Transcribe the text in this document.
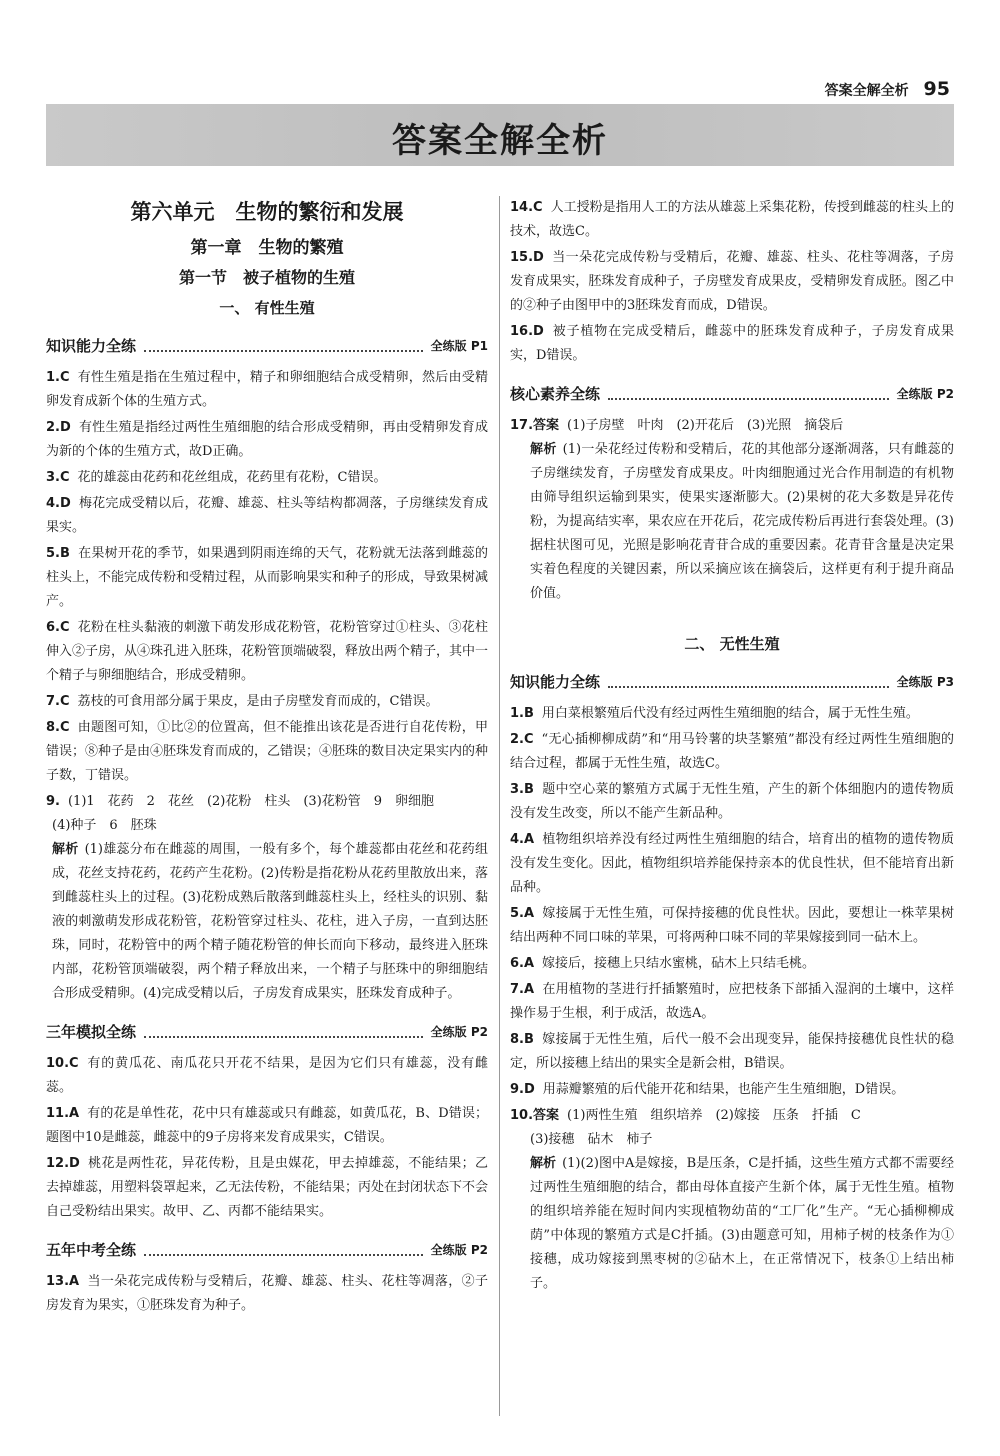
答案全解全析 95
答案全解全析
第六单元　生物的繁衍和发展
第一章　生物的繁殖
第一节　被子植物的生殖
一、 有性生殖
知识能力全练	全练版 P1
1.C 有性生殖是指在生殖过程中，精子和卵细胞结合成受精卵，然后由受精卵发育成新个体的生殖方式。
2.D 有性生殖是指经过两性生殖细胞的结合形成受精卵，再由受精卵发育成为新的个体的生殖方式，故D正确。
3.C 花的雄蕊由花药和花丝组成，花药里有花粉，C错误。
4.D 梅花完成受精以后，花瓣、雄蕊、柱头等结构都凋落，子房继续发育成果实。
5.B 在果树开花的季节，如果遇到阴雨连绵的天气，花粉就无法落到雌蕊的柱头上，不能完成传粉和受精过程，从而影响果实和种子的形成，导致果树减产。
6.C 花粉在柱头黏液的刺激下萌发形成花粉管，花粉管穿过①柱头、③花柱伸入②子房，从④珠孔进入胚珠，花粉管顶端破裂，释放出两个精子，其中一个精子与卵细胞结合，形成受精卵。
7.C 荔枝的可食用部分属于果皮，是由子房壁发育而成的，C错误。
8.C 由题图可知，①比②的位置高，但不能推出该花是否进行自花传粉，甲错误；⑧种子是由④胚珠发育而成的，乙错误；④胚珠的数目决定果实内的种子数，丁错误。
9. (1)1　花药　2　花丝　(2)花粉　柱头　(3)花粉管　9　卵细胞
(4)种子　6　胚珠
解析 (1)雄蕊分布在雌蕊的周围，一般有多个，每个雄蕊都由花丝和花药组成，花丝支持花药，花药产生花粉。(2)传粉是指花粉从花药里散放出来，落到雌蕊柱头上的过程。(3)花粉成熟后散落到雌蕊柱头上，经柱头的识别、黏液的刺激萌发形成花粉管，花粉管穿过柱头、花柱，进入子房，一直到达胚珠，同时，花粉管中的两个精子随花粉管的伸长而向下移动，最终进入胚珠内部，花粉管顶端破裂，两个精子释放出来，一个精子与胚珠中的卵细胞结合形成受精卵。(4)完成受精以后，子房发育成果实，胚珠发育成种子。
三年模拟全练	全练版 P2
10.C 有的黄瓜花、南瓜花只开花不结果，是因为它们只有雄蕊，没有雌蕊。
11.A 有的花是单性花，花中只有雄蕊或只有雌蕊，如黄瓜花，B、D错误；题图中10是雌蕊，雌蕊中的9子房将来发育成果实，C错误。
12.D 桃花是两性花，异花传粉，且是虫媒花，甲去掉雄蕊，不能结果；乙去掉雄蕊，用塑料袋罩起来，乙无法传粉，不能结果；丙处在封闭状态下不会自己受粉结出果实。故甲、乙、丙都不能结果实。
五年中考全练	全练版 P2
13.A 当一朵花完成传粉与受精后，花瓣、雄蕊、柱头、花柱等凋落，②子房发育为果实，①胚珠发育为种子。
14.C 人工授粉是指用人工的方法从雄蕊上采集花粉，传授到雌蕊的柱头上的技术，故选C。
15.D 当一朵花完成传粉与受精后，花瓣、雄蕊、柱头、花柱等凋落，子房发育成果实，胚珠发育成种子，子房壁发育成果皮，受精卵发育成胚。图乙中的②种子由图甲中的3胚珠发育而成，D错误。
16.D 被子植物在完成受精后，雌蕊中的胚珠发育成种子，子房发育成果实，D错误。
核心素养全练	全练版 P2
17.答案 (1)子房壁　叶肉　(2)开花后　(3)光照　摘袋后
解析 (1)一朵花经过传粉和受精后，花的其他部分逐渐凋落，只有雌蕊的子房继续发育，子房壁发育成果皮。叶肉细胞通过光合作用制造的有机物由筛导组织运输到果实，使果实逐渐膨大。(2)果树的花大多数是异花传粉，为提高结实率，果农应在开花后，花完成传粉后再进行套袋处理。(3)据柱状图可见，光照是影响花青苷合成的重要因素。花青苷含量是决定果实着色程度的关键因素，所以采摘应该在摘袋后，这样更有利于提升商品价值。
二、 无性生殖
知识能力全练	全练版 P3
1.B 用白菜根繁殖后代没有经过两性生殖细胞的结合，属于无性生殖。
2.C “无心插柳柳成荫”和“用马铃薯的块茎繁殖”都没有经过两性生殖细胞的结合过程，都属于无性生殖，故选C。
3.B 题中空心菜的繁殖方式属于无性生殖，产生的新个体细胞内的遗传物质没有发生改变，所以不能产生新品种。
4.A 植物组织培养没有经过两性生殖细胞的结合，培育出的植物的遗传物质没有发生变化。因此，植物组织培养能保持亲本的优良性状，但不能培育出新品种。
5.A 嫁接属于无性生殖，可保持接穗的优良性状。因此，要想让一株苹果树结出两种不同口味的苹果，可将两种口味不同的苹果嫁接到同一砧木上。
6.A 嫁接后，接穗上只结水蜜桃，砧木上只结毛桃。
7.A 在用植物的茎进行扦插繁殖时，应把枝条下部插入湿润的土壤中，这样操作易于生根，利于成活，故选A。
8.B 嫁接属于无性生殖，后代一般不会出现变异，能保持接穗优良性状的稳定，所以接穗上结出的果实全是新会柑，B错误。
9.D 用蒜瓣繁殖的后代能开花和结果，也能产生生殖细胞，D错误。
10.答案 (1)两性生殖　组织培养　(2)嫁接　压条　扦插　C
(3)接穗　砧木　柿子
解析 (1)(2)图中A是嫁接，B是压条，C是扦插，这些生殖方式都不需要经过两性生殖细胞的结合，都由母体直接产生新个体，属于无性生殖。植物的组织培养能在短时间内实现植物幼苗的“工厂化”生产。“无心插柳柳成荫”中体现的繁殖方式是C扦插。(3)由题意可知，用柿子树的枝条作为①接穗，成功嫁接到黑枣树的②砧木上，在正常情况下，枝条①上结出柿子。
